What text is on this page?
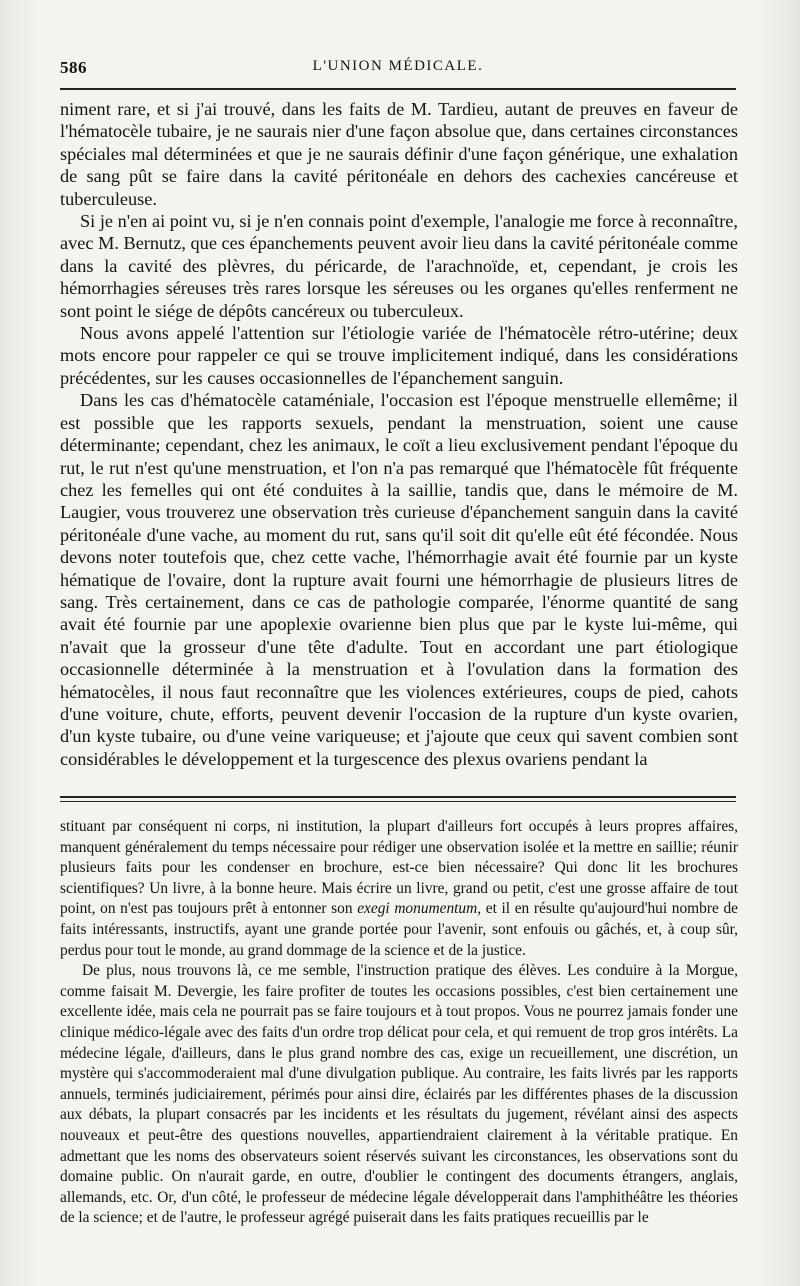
586	L'UNION MÉDICALE.

niment rare, et si j'ai trouvé, dans les faits de M. Tardieu, autant de preuves en faveur de l'hématocèle tubaire, je ne saurais nier d'une façon absolue que, dans certaines circonstances spéciales mal déterminées et que je ne saurais définir d'une façon générique, une exhalation de sang pût se faire dans la cavité péritonéale en dehors des cachexies cancéreuse et tuberculeuse.

Si je n'en ai point vu, si je n'en connais point d'exemple, l'analogie me force à reconnaître, avec M. Bernutz, que ces épanchements peuvent avoir lieu dans la cavité péritonéale comme dans la cavité des plèvres, du péricarde, de l'arachnoïde, et, cependant, je crois les hémorrhagies séreuses très rares lorsque les séreuses ou les organes qu'elles renferment ne sont point le siége de dépôts cancéreux ou tuberculeux.

Nous avons appelé l'attention sur l'étiologie variée de l'hématocèle rétro-utérine; deux mots encore pour rappeler ce qui se trouve implicitement indiqué, dans les considérations précédentes, sur les causes occasionnelles de l'épanchement sanguin.

Dans les cas d'hématocèle cataméniale, l'occasion est l'époque menstruelle ellemême; il est possible que les rapports sexuels, pendant la menstruation, soient une cause déterminante; cependant, chez les animaux, le coït a lieu exclusivement pendant l'époque du rut, le rut n'est qu'une menstruation, et l'on n'a pas remarqué que l'hématocèle fût fréquente chez les femelles qui ont été conduites à la saillie, tandis que, dans le mémoire de M. Laugier, vous trouverez une observation très curieuse d'épanchement sanguin dans la cavité péritonéale d'une vache, au moment du rut, sans qu'il soit dit qu'elle eût été fécondée. Nous devons noter toutefois que, chez cette vache, l'hémorrhagie avait été fournie par un kyste hématique de l'ovaire, dont la rupture avait fourni une hémorrhagie de plusieurs litres de sang. Très certainement, dans ce cas de pathologie comparée, l'énorme quantité de sang avait été fournie par une apoplexie ovarienne bien plus que par le kyste lui-même, qui n'avait que la grosseur d'une tête d'adulte. Tout en accordant une part étiologique occasionnelle déterminée à la menstruation et à l'ovulation dans la formation des hématocèles, il nous faut reconnaître que les violences extérieures, coups de pied, cahots d'une voiture, chute, efforts, peuvent devenir l'occasion de la rupture d'un kyste ovarien, d'un kyste tubaire, ou d'une veine variqueuse; et j'ajoute que ceux qui savent combien sont considérables le développement et la turgescence des plexus ovariens pendant la

stituant par conséquent ni corps, ni institution, la plupart d'ailleurs fort occupés à leurs propres affaires, manquent généralement du temps nécessaire pour rédiger une observation isolée et la mettre en saillie; réunir plusieurs faits pour les condenser en brochure, est-ce bien nécessaire? Qui donc lit les brochures scientifiques? Un livre, à la bonne heure. Mais écrire un livre, grand ou petit, c'est une grosse affaire de tout point, on n'est pas toujours prêt à entonner son exegi monumentum, et il en résulte qu'aujourd'hui nombre de faits intéressants, instructifs, ayant une grande portée pour l'avenir, sont enfouis ou gâchés, et, à coup sûr, perdus pour tout le monde, au grand dommage de la science et de la justice.

De plus, nous trouvons là, ce me semble, l'instruction pratique des élèves. Les conduire à la Morgue, comme faisait M. Devergie, les faire profiter de toutes les occasions possibles, c'est bien certainement une excellente idée, mais cela ne pourrait pas se faire toujours et à tout propos. Vous ne pourrez jamais fonder une clinique médico-légale avec des faits d'un ordre trop délicat pour cela, et qui remuent de trop gros intérêts. La médecine légale, d'ailleurs, dans le plus grand nombre des cas, exige un recueillement, une discrétion, un mystère qui s'accommoderaient mal d'une divulgation publique. Au contraire, les faits livrés par les rapports annuels, terminés judiciairement, périmés pour ainsi dire, éclairés par les différentes phases de la discussion aux débats, la plupart consacrés par les incidents et les résultats du jugement, révélant ainsi des aspects nouveaux et peut-être des questions nouvelles, appartiendraient clairement à la véritable pratique. En admettant que les noms des observateurs soient réservés suivant les circonstances, les observations sont du domaine public. On n'aurait garde, en outre, d'oublier le contingent des documents étrangers, anglais, allemands, etc. Or, d'un côté, le professeur de médecine légale développerait dans l'amphithéâtre les théories de la science; et de l'autre, le professeur agrégé puiserait dans les faits pratiques recueillis par le
